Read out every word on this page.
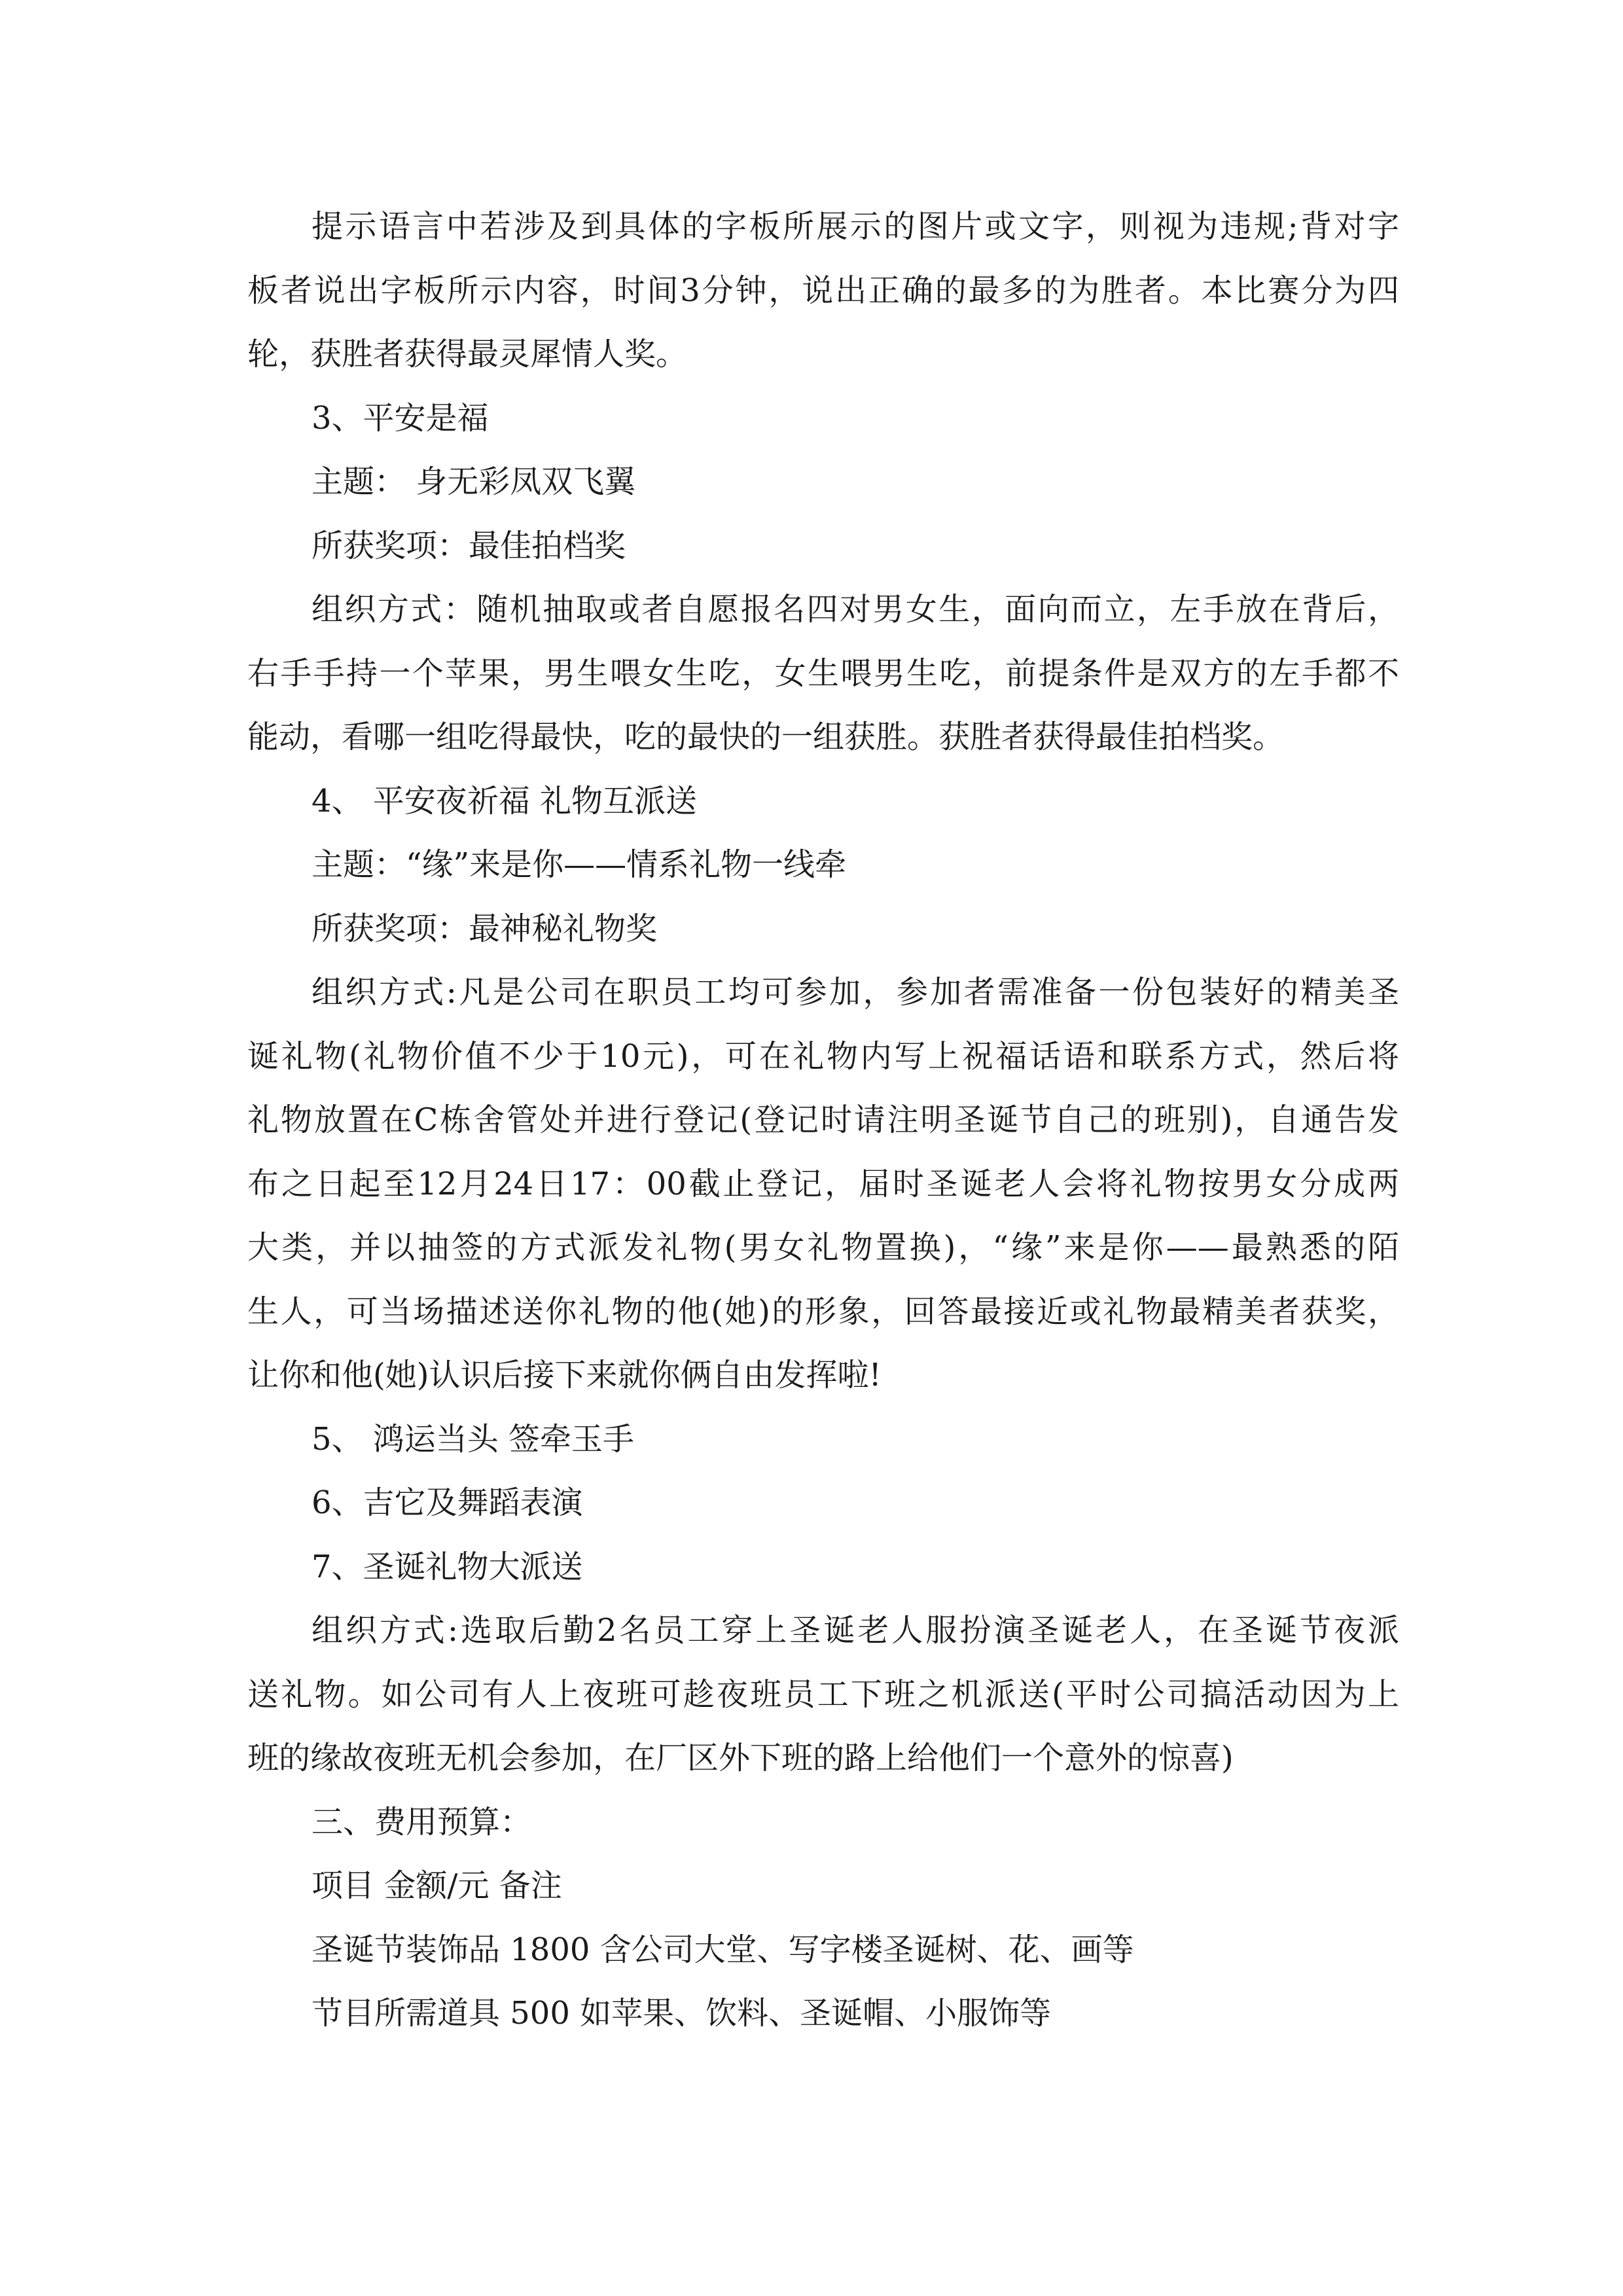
提示语言中若涉及到具体的字板所展示的图片或文字，则视为违规;背对字
板者说出字板所示内容，时间3分钟，说出正确的最多的为胜者。本比赛分为四
轮，获胜者获得最灵犀情人奖。
3、平安是福
主题： 身无彩凤双飞翼
所获奖项：最佳拍档奖
组织方式：随机抽取或者自愿报名四对男女生，面向而立，左手放在背后，
右手手持一个苹果，男生喂女生吃，女生喂男生吃，前提条件是双方的左手都不
能动，看哪一组吃得最快，吃的最快的一组获胜。获胜者获得最佳拍档奖。
4、 平安夜祈福 礼物互派送
主题：“缘”来是你——情系礼物一线牵
所获奖项：最神秘礼物奖
组织方式:凡是公司在职员工均可参加，参加者需准备一份包装好的精美圣
诞礼物(礼物价值不少于10元)，可在礼物内写上祝福话语和联系方式，然后将
礼物放置在C栋舍管处并进行登记(登记时请注明圣诞节自己的班别)，自通告发
布之日起至12月24日17：00截止登记，届时圣诞老人会将礼物按男女分成两
大类，并以抽签的方式派发礼物(男女礼物置换)，“缘”来是你——最熟悉的陌
生人，可当场描述送你礼物的他(她)的形象，回答最接近或礼物最精美者获奖，
让你和他(她)认识后接下来就你俩自由发挥啦!
5、 鸿运当头 签牵玉手
6、吉它及舞蹈表演
7、圣诞礼物大派送
组织方式:选取后勤2名员工穿上圣诞老人服扮演圣诞老人，在圣诞节夜派
送礼物。如公司有人上夜班可趁夜班员工下班之机派送(平时公司搞活动因为上
班的缘故夜班无机会参加，在厂区外下班的路上给他们一个意外的惊喜)
三、费用预算：
项目 金额/元 备注
圣诞节装饰品 1800 含公司大堂、写字楼圣诞树、花、画等
节目所需道具 500 如苹果、饮料、圣诞帽、小服饰等
